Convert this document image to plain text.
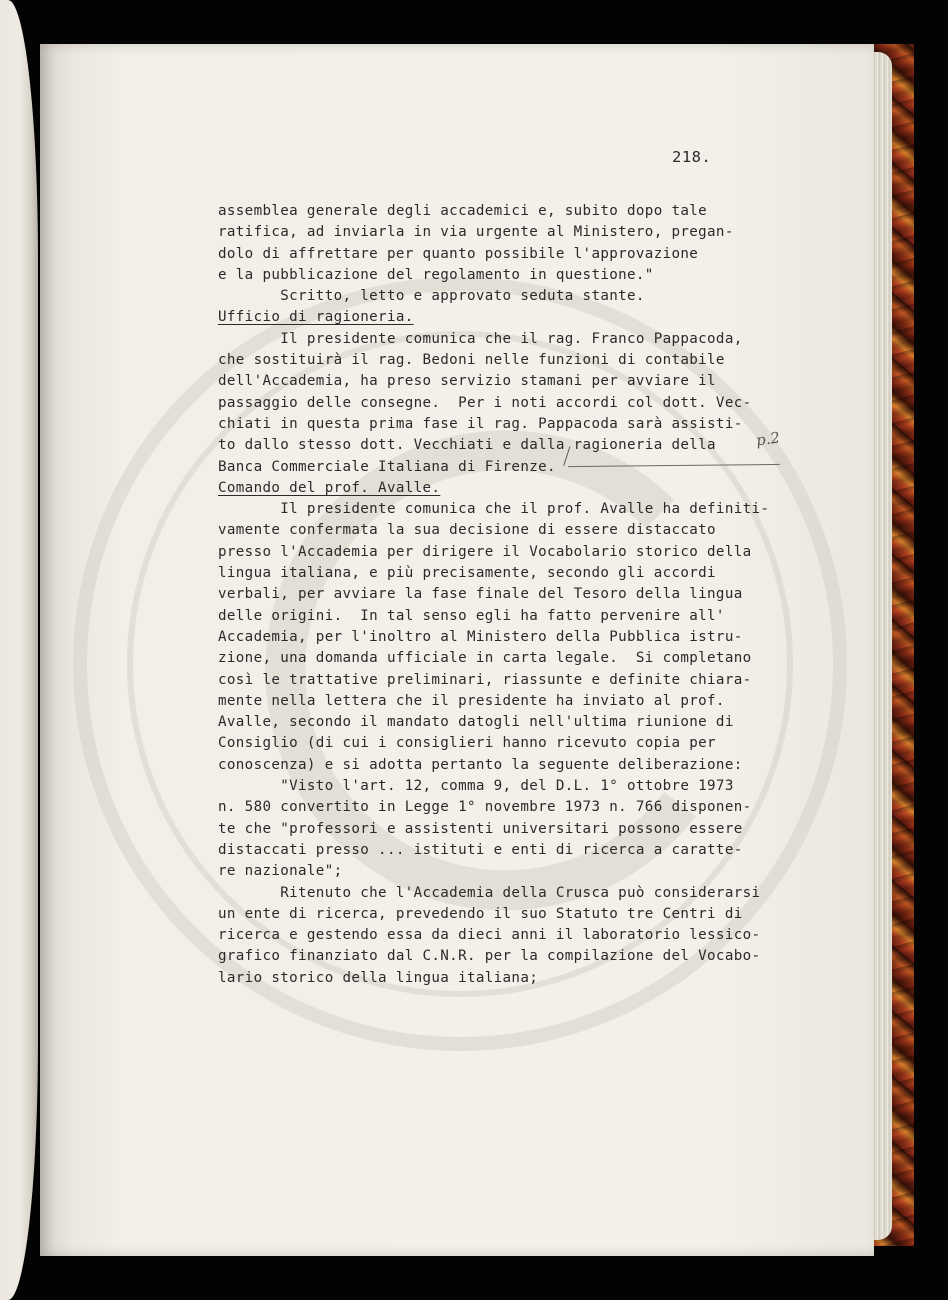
218.
assemblea generale degli accademici e, subito dopo tale
ratifica, ad inviarla in via urgente al Ministero, pregan-
dolo di affrettare per quanto possibile l'approvazione
e la pubblicazione del regolamento in questione."
Scritto, letto e approvato seduta stante.
Ufficio di ragioneria.
Il presidente comunica che il rag. Franco Pappacoda,
che sostituirà il rag. Bedoni nelle funzioni di contabile
dell'Accademia, ha preso servizio stamani per avviare il
passaggio delle consegne.  Per i noti accordi col dott. Vec-
chiati in questa prima fase il rag. Pappacoda sarà assisti-
to dallo stesso dott. Vecchiati e dalla ragioneria della
Banca Commerciale Italiana di Firenze.
Comando del prof. Avalle.
Il presidente comunica che il prof. Avalle ha definiti-
vamente confermata la sua decisione di essere distaccato
presso l'Accademia per dirigere il Vocabolario storico della
lingua italiana, e più precisamente, secondo gli accordi
verbali, per avviare la fase finale del Tesoro della lingua
delle origini.  In tal senso egli ha fatto pervenire all'
Accademia, per l'inoltro al Ministero della Pubblica istru-
zione, una domanda ufficiale in carta legale.  Si completano
così le trattative preliminari, riassunte e definite chiara-
mente nella lettera che il presidente ha inviato al prof.
Avalle, secondo il mandato datogli nell'ultima riunione di
Consiglio (di cui i consiglieri hanno ricevuto copia per
conoscenza) e si adotta pertanto la seguente deliberazione:
"Visto l'art. 12, comma 9, del D.L. 1° ottobre 1973
n. 580 convertito in Legge 1° novembre 1973 n. 766 disponen-
te che "professori e assistenti universitari possono essere
distaccati presso ... istituti e enti di ricerca a caratte-
re nazionale";
Ritenuto che l'Accademia della Crusca può considerarsi
un ente di ricerca, prevedendo il suo Statuto tre Centri di
ricerca e gestendo essa da dieci anni il laboratorio lessico-
grafico finanziato dal C.N.R. per la compilazione del Vocabo-
lario storico della lingua italiana;
p.2
